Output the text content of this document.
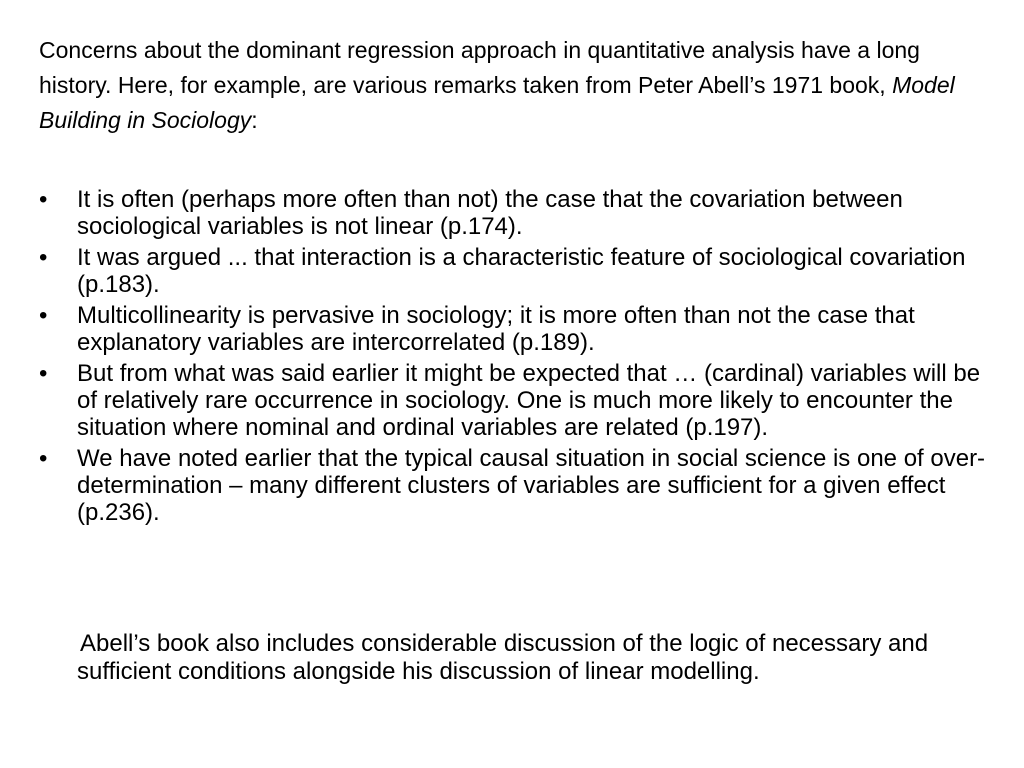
Concerns about the dominant regression approach in quantitative analysis have a long history. Here, for example, are various remarks taken from Peter Abell’s 1971 book, Model Building in Sociology:

• It is often (perhaps more often than not) the case that the covariation between sociological variables is not linear (p.174).
• It was argued ... that interaction is a characteristic feature of sociological covariation (p.183).
• Multicollinearity is pervasive in sociology; it is more often than not the case that explanatory variables are intercorrelated (p.189).
• But from what was said earlier it might be expected that … (cardinal) variables will be of relatively rare occurrence in sociology. One is much more likely to encounter the situation where nominal and ordinal variables are related (p.197).
• We have noted earlier that the typical causal situation in social science is one of over-determination – many different clusters of variables are sufficient for a given effect (p.236).

Abell’s book also includes considerable discussion of the logic of necessary and sufficient conditions alongside his discussion of linear modelling.
